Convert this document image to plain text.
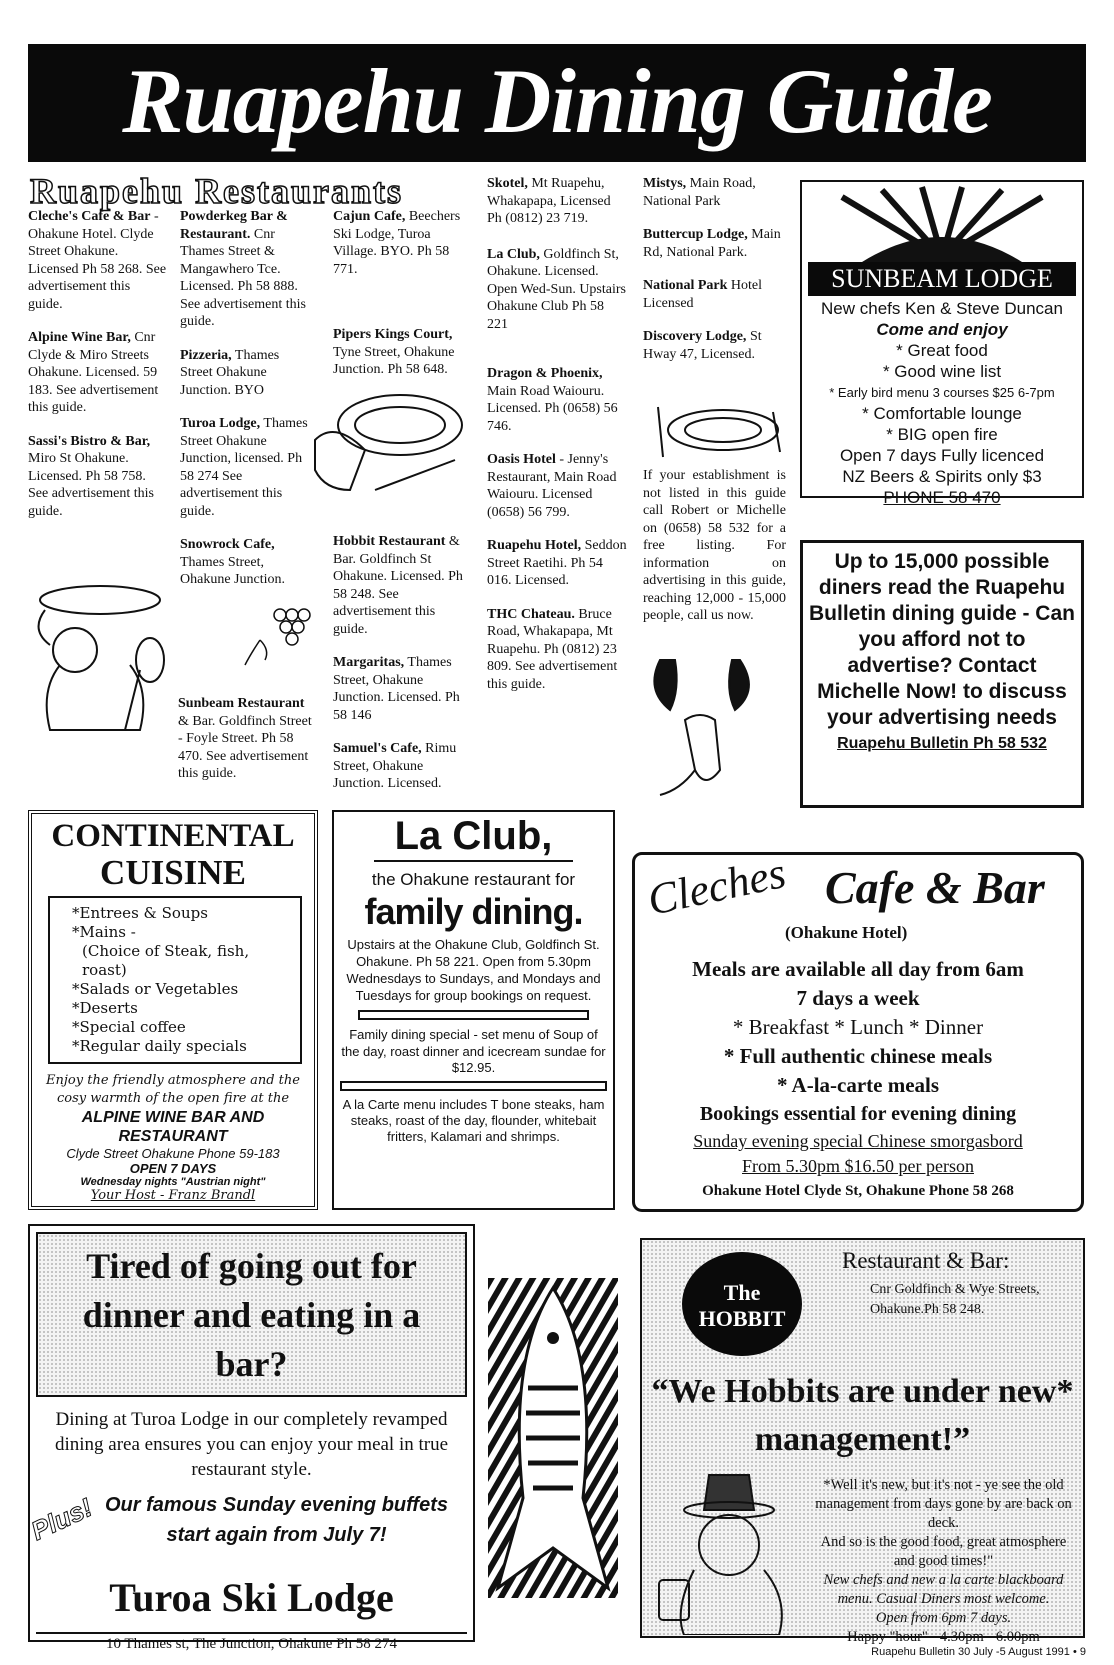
Ruapehu Dining Guide
Ruapehu Restaurants

Cleche's Cafe & Bar - Ohakune Hotel. Clyde Street Ohakune. Licensed Ph 58 268. See advertisement this guide.

Alpine Wine Bar, Cnr Clyde & Miro Streets Ohakune. Licensed. 59 183. See advertisement this guide.

Sassi's Bistro & Bar, Miro St Ohakune. Licensed. Ph 58 758. See advertisement this guide.

Powderkeg Bar & Restaurant. Cnr Thames Street & Mangawhero Tce. Licensed. Ph 58 888. See advertisement this guide.

Pizzeria, Thames Street Ohakune Junction. BYO

Turoa Lodge, Thames Street Ohakune Junction, licensed. Ph 58 274 See advertisement this guide.

Snowrock Cafe, Thames Street, Ohakune Junction.

Sunbeam Restaurant & Bar. Goldfinch Street - Foyle Street. Ph 58 470. See advertisement this guide.

Cajun Cafe, Beechers Ski Lodge, Turoa Village. BYO. Ph 58 771.

Pipers Kings Court, Tyne Street, Ohakune Junction. Ph 58 648.

Hobbit Restaurant & Bar. Goldfinch St Ohakune. Licensed. Ph 58 248. See advertisement this guide.

Margaritas, Thames Street, Ohakune Junction. Licensed. Ph 58 146

Samuel's Cafe, Rimu Street, Ohakune Junction. Licensed.

Skotel, Mt Ruapehu, Whakapapa, Licensed Ph (0812) 23 719.

La Club, Goldfinch St, Ohakune. Licensed. Open Wed-Sun. Upstairs Ohakune Club Ph 58 221

Dragon & Phoenix, Main Road Waiouru. Licensed. Ph (0658) 56 746.

Oasis Hotel - Jenny's Restaurant, Main Road Waiouru. Licensed (0658) 56 799.

Ruapehu Hotel, Seddon Street Raetihi. Ph 54 016. Licensed.

THC Chateau. Bruce Road, Whakapapa, Mt Ruapehu. Ph (0812) 23 809. See advertisement this guide.

Mistys, Main Road, National Park

Buttercup Lodge, Main Rd, National Park.

National Park Hotel Licensed

Discovery Lodge, St Hway 47, Licensed.

If your establishment is not listed in this guide call Robert or Michelle on (0658) 58 532 for a free listing. For information on advertising in this guide, reaching 12,000 - 15,000 people, call us now.
SUNBEAM LODGE
New chefs Ken & Steve Duncan
Come and enjoy
* Great food
* Good wine list
* Early bird menu 3 courses $25 6-7pm
* Comfortable lounge
* BIG open fire
Open 7 days Fully licenced
NZ Beers & Spirits only $3
PHONE 58 470
Up to 15,000 possible diners read the Ruapehu Bulletin dining guide - Can you afford not to advertise? Contact Michelle Now! to discuss your advertising needs
Ruapehu Bulletin Ph 58 532
CONTINENTAL
CUISINE
*Entrees & Soups
*Mains -
(Choice of Steak, fish, roast)
*Salads or Vegetables
*Deserts
*Special coffee
*Regular daily specials
Enjoy the friendly atmosphere and the cosy warmth of the open fire at the
ALPINE WINE BAR AND RESTAURANT
Clyde Street Ohakune Phone 59-183
OPEN 7 DAYS
Wednesday nights "Austrian night"
Your Host - Franz Brandl
La Club,
the Ohakune restaurant for
family dining.
Upstairs at the Ohakune Club, Goldfinch St. Ohakune. Ph 58 221. Open from 5.30pm Wednesdays to Sundays, and Mondays and Tuesdays for group bookings on request.
Family dining special - set menu of Soup of the day, roast dinner and icecream sundae for
$12.95.
A la Carte menu includes T bone steaks, ham steaks, roast of the day, flounder, whitebait fritters, Kalamari and shrimps.
Cleches Cafe & Bar
(Ohakune Hotel)
Meals are available all day from 6am
7 days a week
* Breakfast * Lunch * Dinner
* Full authentic chinese meals
* A-la-carte meals
Bookings essential for evening dining
Sunday evening special Chinese smorgasbord
From 5.30pm $16.50 per person
Ohakune Hotel Clyde St, Ohakune Phone 58 268
Tired of going out for dinner and eating in a bar?
Dining at Turoa Lodge in our completely revamped dining area ensures you can enjoy your meal in true restaurant style.
Plus! Our famous Sunday evening buffets start again from July 7!
Turoa Ski Lodge
10 Thames st, The Junction, Ohakune Ph 58 274
The HOBBIT
Restaurant & Bar:
Cnr Goldfinch & Wye Streets, Ohakune.Ph 58 248.
“We Hobbits are under new* management!”
*Well it's new, but it's not - ye see the old management from days gone by are back on deck.
And so is the good food, great atmosphere and good times!"
New chefs and new a la carte blackboard menu. Casual Diners most welcome.
Open from 6pm 7 days.
Happy "hour" - 4.30pm - 6.00pm
Ruapehu Bulletin 30 July -5 August 1991 • 9
